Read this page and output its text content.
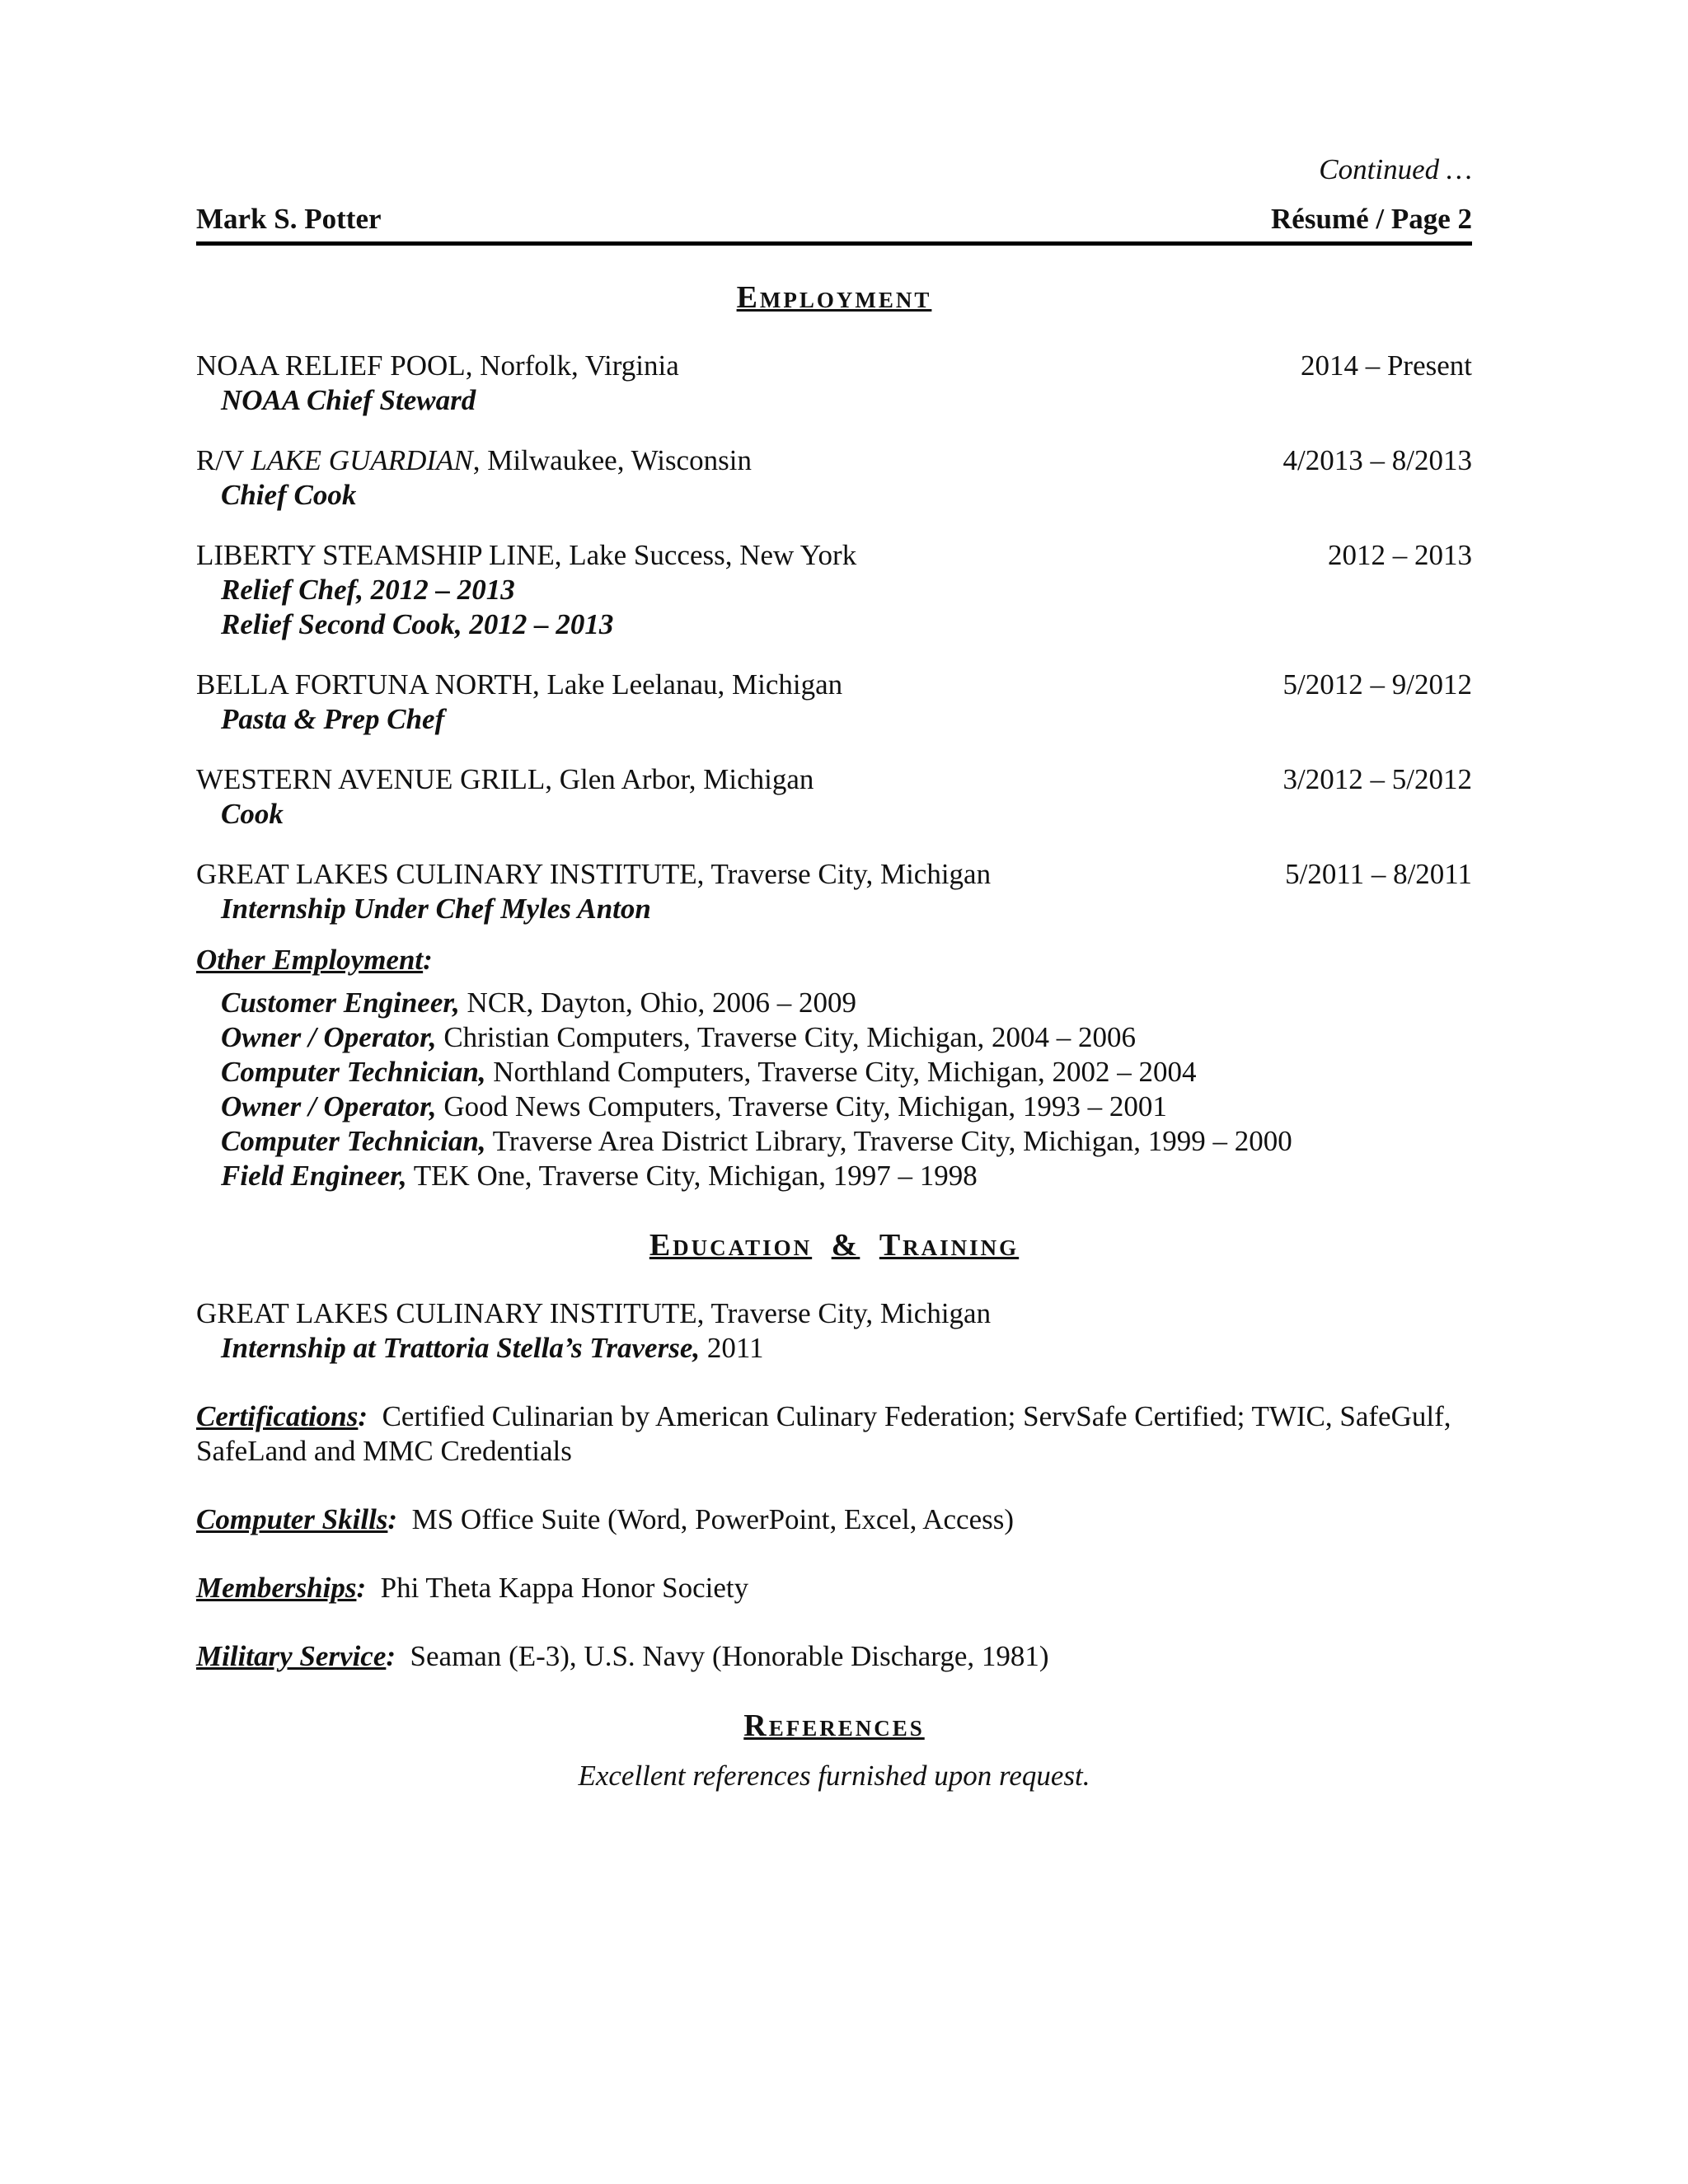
Continued …
Mark S. Potter	Résumé / Page 2
Employment
NOAA RELIEF POOL, Norfolk, Virginia	2014 – Present
NOAA Chief Steward
R/V LAKE GUARDIAN, Milwaukee, Wisconsin	4/2013 – 8/2013
Chief Cook
LIBERTY STEAMSHIP LINE, Lake Success, New York	2012 – 2013
Relief Chef, 2012 – 2013
Relief Second Cook, 2012 – 2013
BELLA FORTUNA NORTH, Lake Leelanau, Michigan	5/2012 – 9/2012
Pasta & Prep Chef
WESTERN AVENUE GRILL, Glen Arbor, Michigan	3/2012 – 5/2012
Cook
GREAT LAKES CULINARY INSTITUTE, Traverse City, Michigan	5/2011 – 8/2011
Internship Under Chef Myles Anton
Other Employment:
Customer Engineer, NCR, Dayton, Ohio, 2006 – 2009
Owner / Operator, Christian Computers, Traverse City, Michigan, 2004 – 2006
Computer Technician, Northland Computers, Traverse City, Michigan, 2002 – 2004
Owner / Operator, Good News Computers, Traverse City, Michigan, 1993 – 2001
Computer Technician, Traverse Area District Library, Traverse City, Michigan, 1999 – 2000
Field Engineer, TEK One, Traverse City, Michigan, 1997 – 1998
Education & Training
GREAT LAKES CULINARY INSTITUTE, Traverse City, Michigan
Internship at Trattoria Stella’s Traverse, 2011
Certifications: Certified Culinarian by American Culinary Federation; ServSafe Certified; TWIC, SafeGulf, SafeLand and MMC Credentials
Computer Skills: MS Office Suite (Word, PowerPoint, Excel, Access)
Memberships: Phi Theta Kappa Honor Society
Military Service: Seaman (E-3), U.S. Navy (Honorable Discharge, 1981)
References
Excellent references furnished upon request.
